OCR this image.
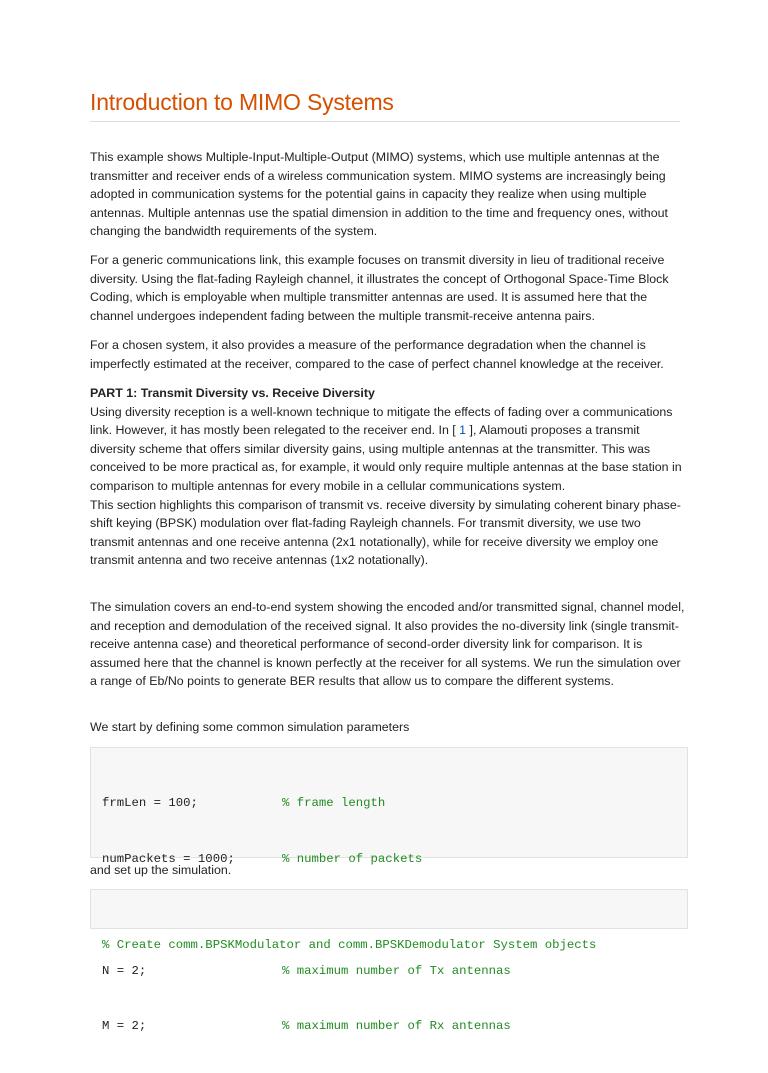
Introduction to MIMO Systems

This example shows Multiple-Input-Multiple-Output (MIMO) systems, which use multiple antennas at the transmitter and receiver ends of a wireless communication system. MIMO systems are increasingly being adopted in communication systems for the potential gains in capacity they realize when using multiple antennas. Multiple antennas use the spatial dimension in addition to the time and frequency ones, without changing the bandwidth requirements of the system.

For a generic communications link, this example focuses on transmit diversity in lieu of traditional receive diversity. Using the flat-fading Rayleigh channel, it illustrates the concept of Orthogonal Space-Time Block Coding, which is employable when multiple transmitter antennas are used. It is assumed here that the channel undergoes independent fading between the multiple transmit-receive antenna pairs.

For a chosen system, it also provides a measure of the performance degradation when the channel is imperfectly estimated at the receiver, compared to the case of perfect channel knowledge at the receiver.

PART 1: Transmit Diversity vs. Receive Diversity
Using diversity reception is a well-known technique to mitigate the effects of fading over a communications link. However, it has mostly been relegated to the receiver end. In [ 1 ], Alamouti proposes a transmit diversity scheme that offers similar diversity gains, using multiple antennas at the transmitter. This was conceived to be more practical as, for example, it would only require multiple antennas at the base station in comparison to multiple antennas for every mobile in a cellular communications system.
This section highlights this comparison of transmit vs. receive diversity by simulating coherent binary phase-shift keying (BPSK) modulation over flat-fading Rayleigh channels. For transmit diversity, we use two transmit antennas and one receive antenna (2x1 notationally), while for receive diversity we employ one transmit antenna and two receive antennas (1x2 notationally).

The simulation covers an end-to-end system showing the encoded and/or transmitted signal, channel model, and reception and demodulation of the received signal. It also provides the no-diversity link (single transmit- receive antenna case) and theoretical performance of second-order diversity link for comparison. It is assumed here that the channel is known perfectly at the receiver for all systems. We run the simulation over a range of Eb/No points to generate BER results that allow us to compare the different systems.

We start by defining some common simulation parameters

frmLen = 100;	% frame length

numPackets = 1000;	% number of packets

N = 2;	% maximum number of Tx antennas

M = 2;	% maximum number of Rx antennas

and set up the simulation.

% Create comm.BPSKModulator and comm.BPSKDemodulator System objects
